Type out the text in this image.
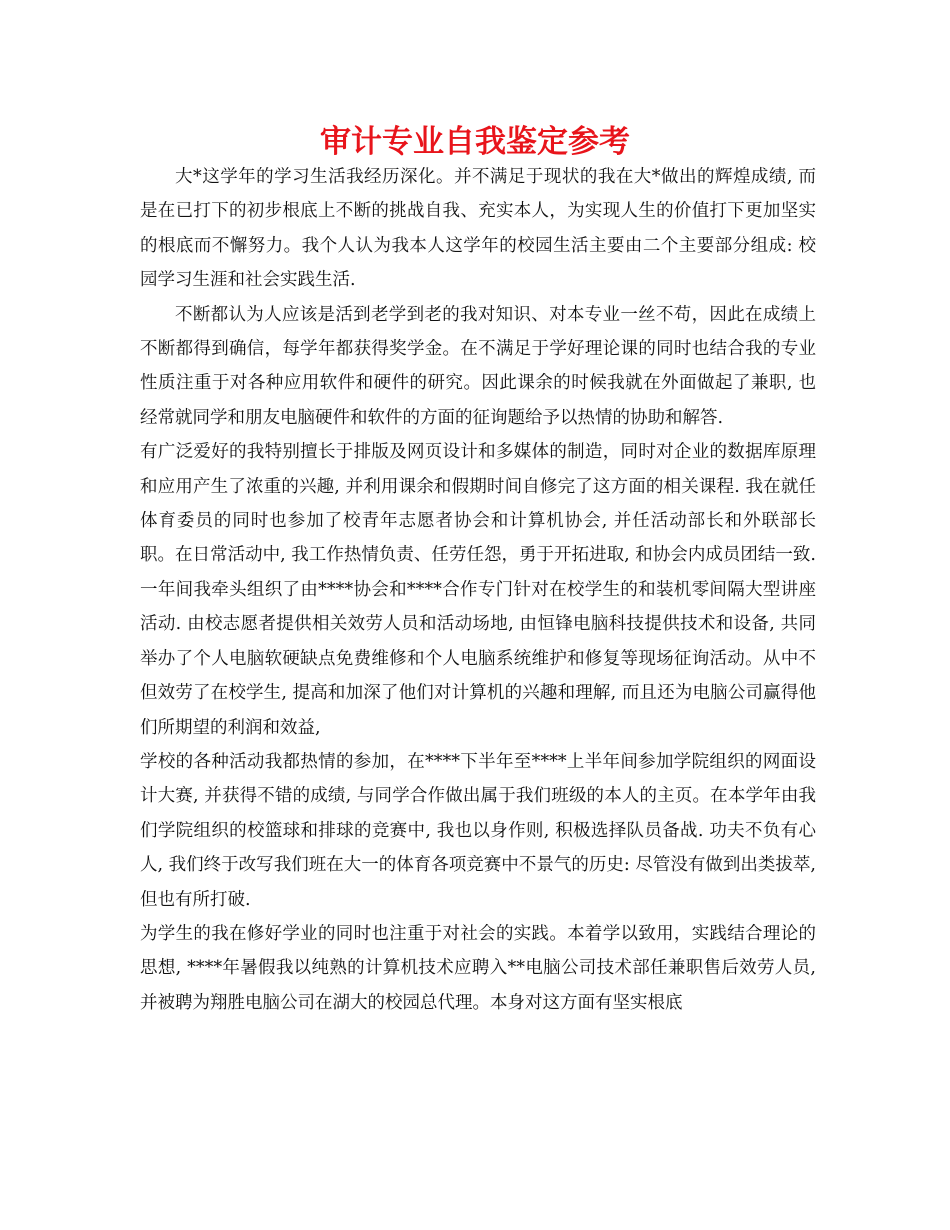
审计专业自我鉴定参考

大*这学年的学习生活我经历深化。并不满足于现状的我在大*做出的辉煌成绩, 而是在已打下的初步根底上不断的挑战自我、充实本人，为实现人生的价值打下更加坚实的根底而不懈努力。我个人认为我本人这学年的校园生活主要由二个主要部分组成: 校园学习生涯和社会实践生活.

不断都认为人应该是活到老学到老的我对知识、对本专业一丝不苟，因此在成绩上不断都得到确信，每学年都获得奖学金。在不满足于学好理论课的同时也结合我的专业性质注重于对各种应用软件和硬件的研究。因此课余的时候我就在外面做起了兼职, 也经常就同学和朋友电脑硬件和软件的方面的征询题给予以热情的协助和解答.

有广泛爱好的我特别擅长于排版及网页设计和多媒体的制造，同时对企业的数据库原理和应用产生了浓重的兴趣, 并利用课余和假期时间自修完了这方面的相关课程. 我在就任体育委员的同时也参加了校青年志愿者协会和计算机协会, 并任活动部长和外联部长职。在日常活动中, 我工作热情负责、任劳任怨，勇于开拓进取, 和协会内成员团结一致. 一年间我牵头组织了由****协会和****合作专门针对在校学生的和装机零间隔大型讲座活动. 由校志愿者提供相关效劳人员和活动场地, 由恒锋电脑科技提供技术和设备, 共同举办了个人电脑软硬缺点免费维修和个人电脑系统维护和修复等现场征询活动。从中不但效劳了在校学生, 提高和加深了他们对计算机的兴趣和理解, 而且还为电脑公司赢得他们所期望的利润和效益,

学校的各种活动我都热情的参加，在****下半年至****上半年间参加学院组织的网面设计大赛, 并获得不错的成绩, 与同学合作做出属于我们班级的本人的主页。在本学年由我们学院组织的校篮球和排球的竞赛中, 我也以身作则, 积极选择队员备战. 功夫不负有心人, 我们终于改写我们班在大一的体育各项竞赛中不景气的历史: 尽管没有做到出类拔萃, 但也有所打破.

为学生的我在修好学业的同时也注重于对社会的实践。本着学以致用，实践结合理论的思想, ****年暑假我以纯熟的计算机技术应聘入**电脑公司技术部任兼职售后效劳人员, 并被聘为翔胜电脑公司在湖大的校园总代理。本身对这方面有坚实根底
